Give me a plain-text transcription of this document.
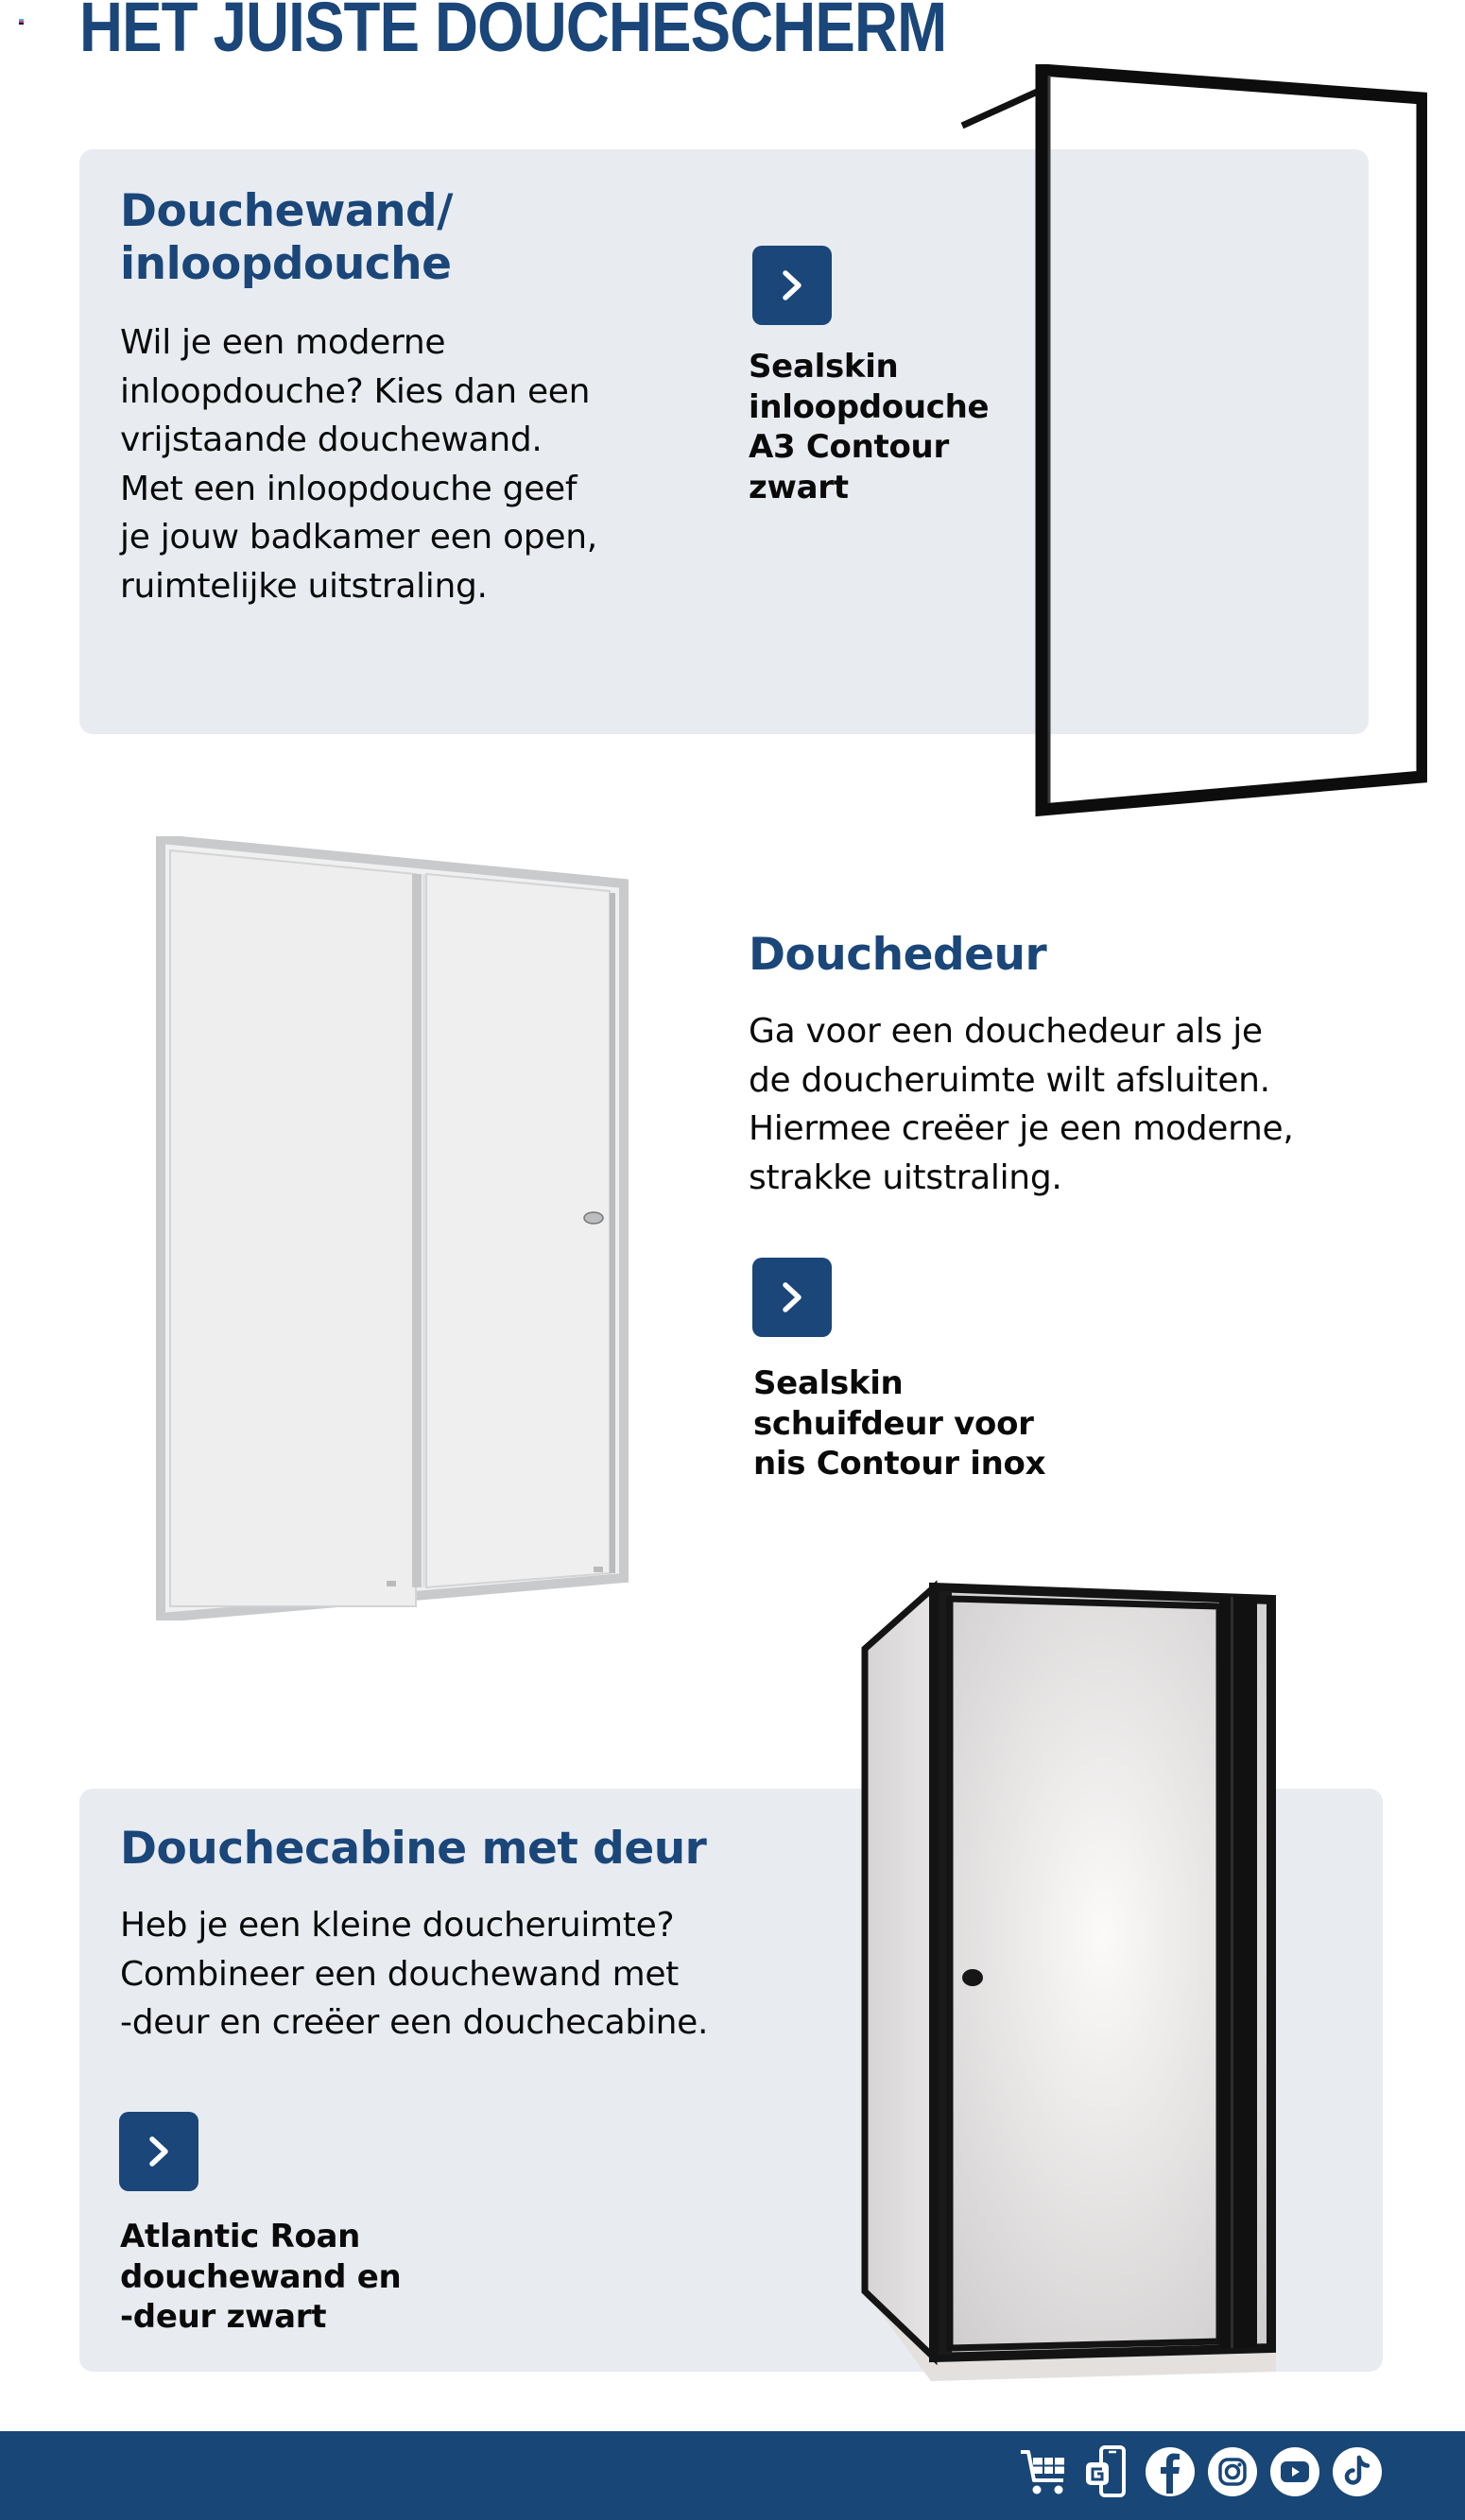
HET JUISTE DOUCHESCHERM
Douchewand/
inloopdouche
Wil je een moderne
inloopdouche? Kies dan een
vrijstaande douchewand.
Met een inloopdouche geef
je jouw badkamer een open,
ruimtelijke uitstraling.
Sealskin
inloopdouche
A3 Contour
zwart
Douchedeur
Ga voor een douchedeur als je
de doucheruimte wilt afsluiten.
Hiermee creëer je een moderne,
strakke uitstraling.
Sealskin
schuifdeur voor
nis Contour inox
Douchecabine met deur
Heb je een kleine doucheruimte?
Combineer een douchewand met
-deur en creëer een douchecabine.
Atlantic Roan
douchewand en
-deur zwart
